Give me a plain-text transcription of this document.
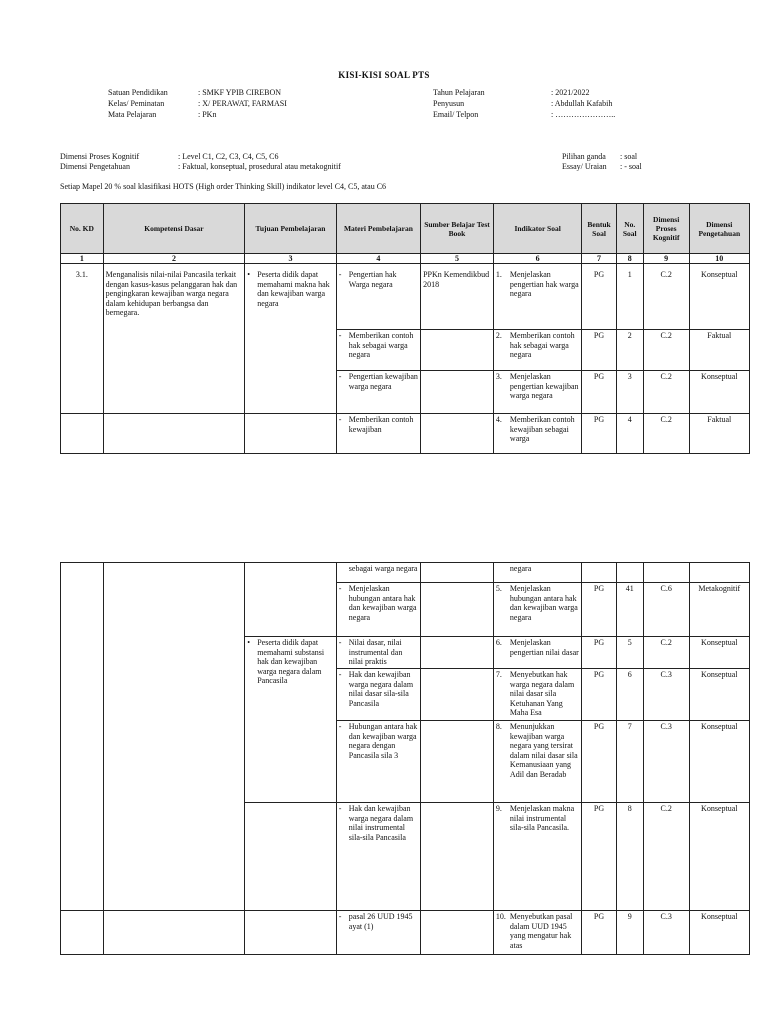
KISI-KISI SOAL PTS
Satuan Pendidikan	: SMKF YPIB CIREBON
Kelas/ Peminatan	: X/ PERAWAT, FARMASI
Mata Pelajaran	: PKn
Tahun Pelajaran	: 2021/2022
Penyusun	: Abdullah Kafabih
Email/ Telpon	: …………………..
Dimensi Proses Kognitif	: Level C1, C2, C3, C4, C5, C6
Dimensi Pengetahuan	: Faktual, konseptual, prosedural atau metakognitif
Pilihan ganda	: soal
Essay/ Uraian	: - soal
Setiap Mapel 20 % soal klasifikasi HOTS (High order Thinking Skill) indikator level C4, C5, atau C6
No. KD	Kompetensi Dasar	Tujuan Pembelajaran	Materi Pembelajaran	Sumber Belajar Test Book	Indikator Soal	Bentuk Soal	No. Soal	Dimensi Proses Kognitif	Dimensi Pengetahuan
1	2	3	4	5	6	7	8	9	10
3.1.	Menganalisis nilai-nilai Pancasila terkait dengan kasus-kasus pelanggaran hak dan pengingkaran kewajiban warga negara dalam kehidupan berbangsa dan bernegara.	• Peserta didik dapat memahami makna hak dan kewajiban warga negara	- Pengertian hak Warga negara	PPKn Kemendikbud 2018	1. Menjelaskan pengertian hak warga negara	PG	1	C.2	Konseptual

			- Memberikan contoh hak sebagai warga negara		2. Memberikan contoh hak sebagai warga negara	PG	2	C.2	Faktual

			- Pengertian kewajiban warga negara		3. Menjelaskan pengertian kewajiban warga negara	PG	3	C.2	Konseptual

			- Memberikan contoh kewajiban		4. Memberikan contoh kewajiban sebagai warga	PG	4	C.2	Faktual

			sebagai warga negara		negara				

			- Menjelaskan hubungan antara hak dan kewajiban warga negara		5. Menjelaskan hubungan antara hak dan kewajiban warga negara	PG	41	C.6	Metakognitif

		• Peserta didik dapat memahami substansi hak dan kewajiban warga negara dalam Pancasila	- Nilai dasar, nilai instrumental dan nilai praktis		6. Menjelaskan pengertian nilai dasar	PG	5	C.2	Konseptual

			- Hak dan kewajiban warga negara dalam nilai dasar sila-sila Pancasila		7. Menyebutkan hak warga negara dalam nilai dasar sila Ketuhanan Yang Maha Esa	PG	6	C.3	Konseptual

			- Hubungan antara hak dan kewajiban warga negara dengan Pancasila sila 3		8. Menunjukkan kewajiban warga negara yang tersirat dalam nilai dasar sila Kemanusiaan yang Adil dan Beradab	PG	7	C.3	Konseptual

			- Hak dan kewajiban warga negara dalam nilai instrumental sila-sila Pancasila		9. Menjelaskan makna nilai instrumental sila-sila Pancasila.	PG	8	C.2	Konseptual

			- pasal 26 UUD 1945 ayat (1)		10. Menyebutkan pasal dalam UUD 1945 yang mengatur hak atas	PG	9	C.3	Konseptual
